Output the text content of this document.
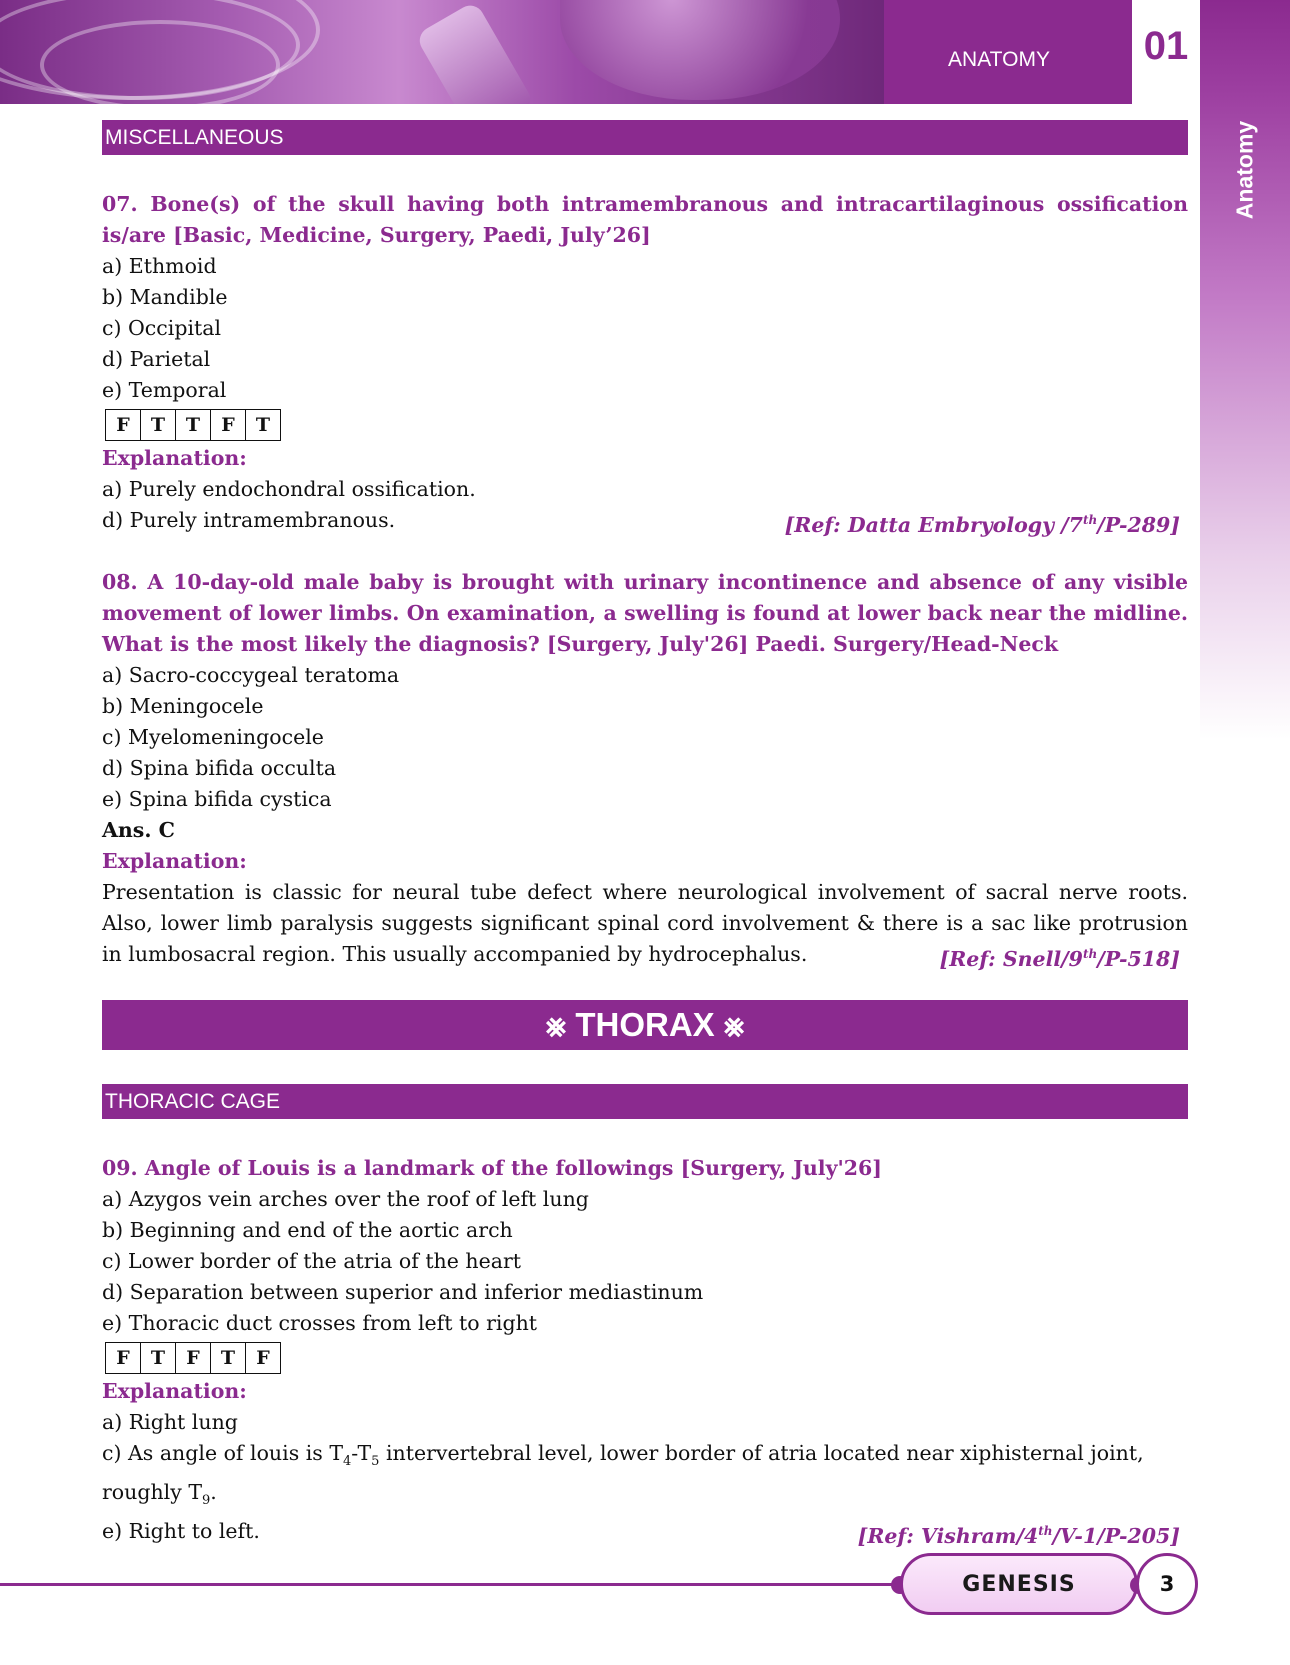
ANATOMY	01
Anatomy
MISCELLANEOUS
07. Bone(s) of the skull having both intramembranous and intracartilaginous ossification is/are [Basic, Medicine, Surgery, Paedi, July’26]
a) Ethmoid
b) Mandible
c) Occipital
d) Parietal
e) Temporal
F	T	T	F	T
Explanation:
a) Purely endochondral ossification.
[Ref: Datta Embryology /7th/P-289]
d) Purely intramembranous.
08. A 10-day-old male baby is brought with urinary incontinence and absence of any visible movement of lower limbs. On examination, a swelling is found at lower back near the midline. What is the most likely the diagnosis? [Surgery, July'26] Paedi. Surgery/Head-Neck
a) Sacro-coccygeal teratoma
b) Meningocele
c) Myelomeningocele
d) Spina bifida occulta
e) Spina bifida cystica
Ans. C
Explanation:
Presentation is classic for neural tube defect where neurological involvement of sacral nerve roots. Also, lower limb paralysis suggests significant spinal cord involvement & there is a sac like protrusion in lumbosacral region. This usually accompanied by hydrocephalus.	[Ref: Snell/9th/P-518]
⨳ THORAX ⨳
THORACIC CAGE
09. Angle of Louis is a landmark of the followings [Surgery, July'26]
a) Azygos vein arches over the roof of left lung
b) Beginning and end of the aortic arch
c) Lower border of the atria of the heart
d) Separation between superior and inferior mediastinum
e) Thoracic duct crosses from left to right
F	T	F	T	F
Explanation:
a) Right lung
c) As angle of louis is $T_4-T_5$ intervertebral level, lower border of atria located near xiphisternal joint, roughly $T_9$.
[Ref: Vishram/4th/V-1/P-205]
e) Right to left.
GENESIS	3
